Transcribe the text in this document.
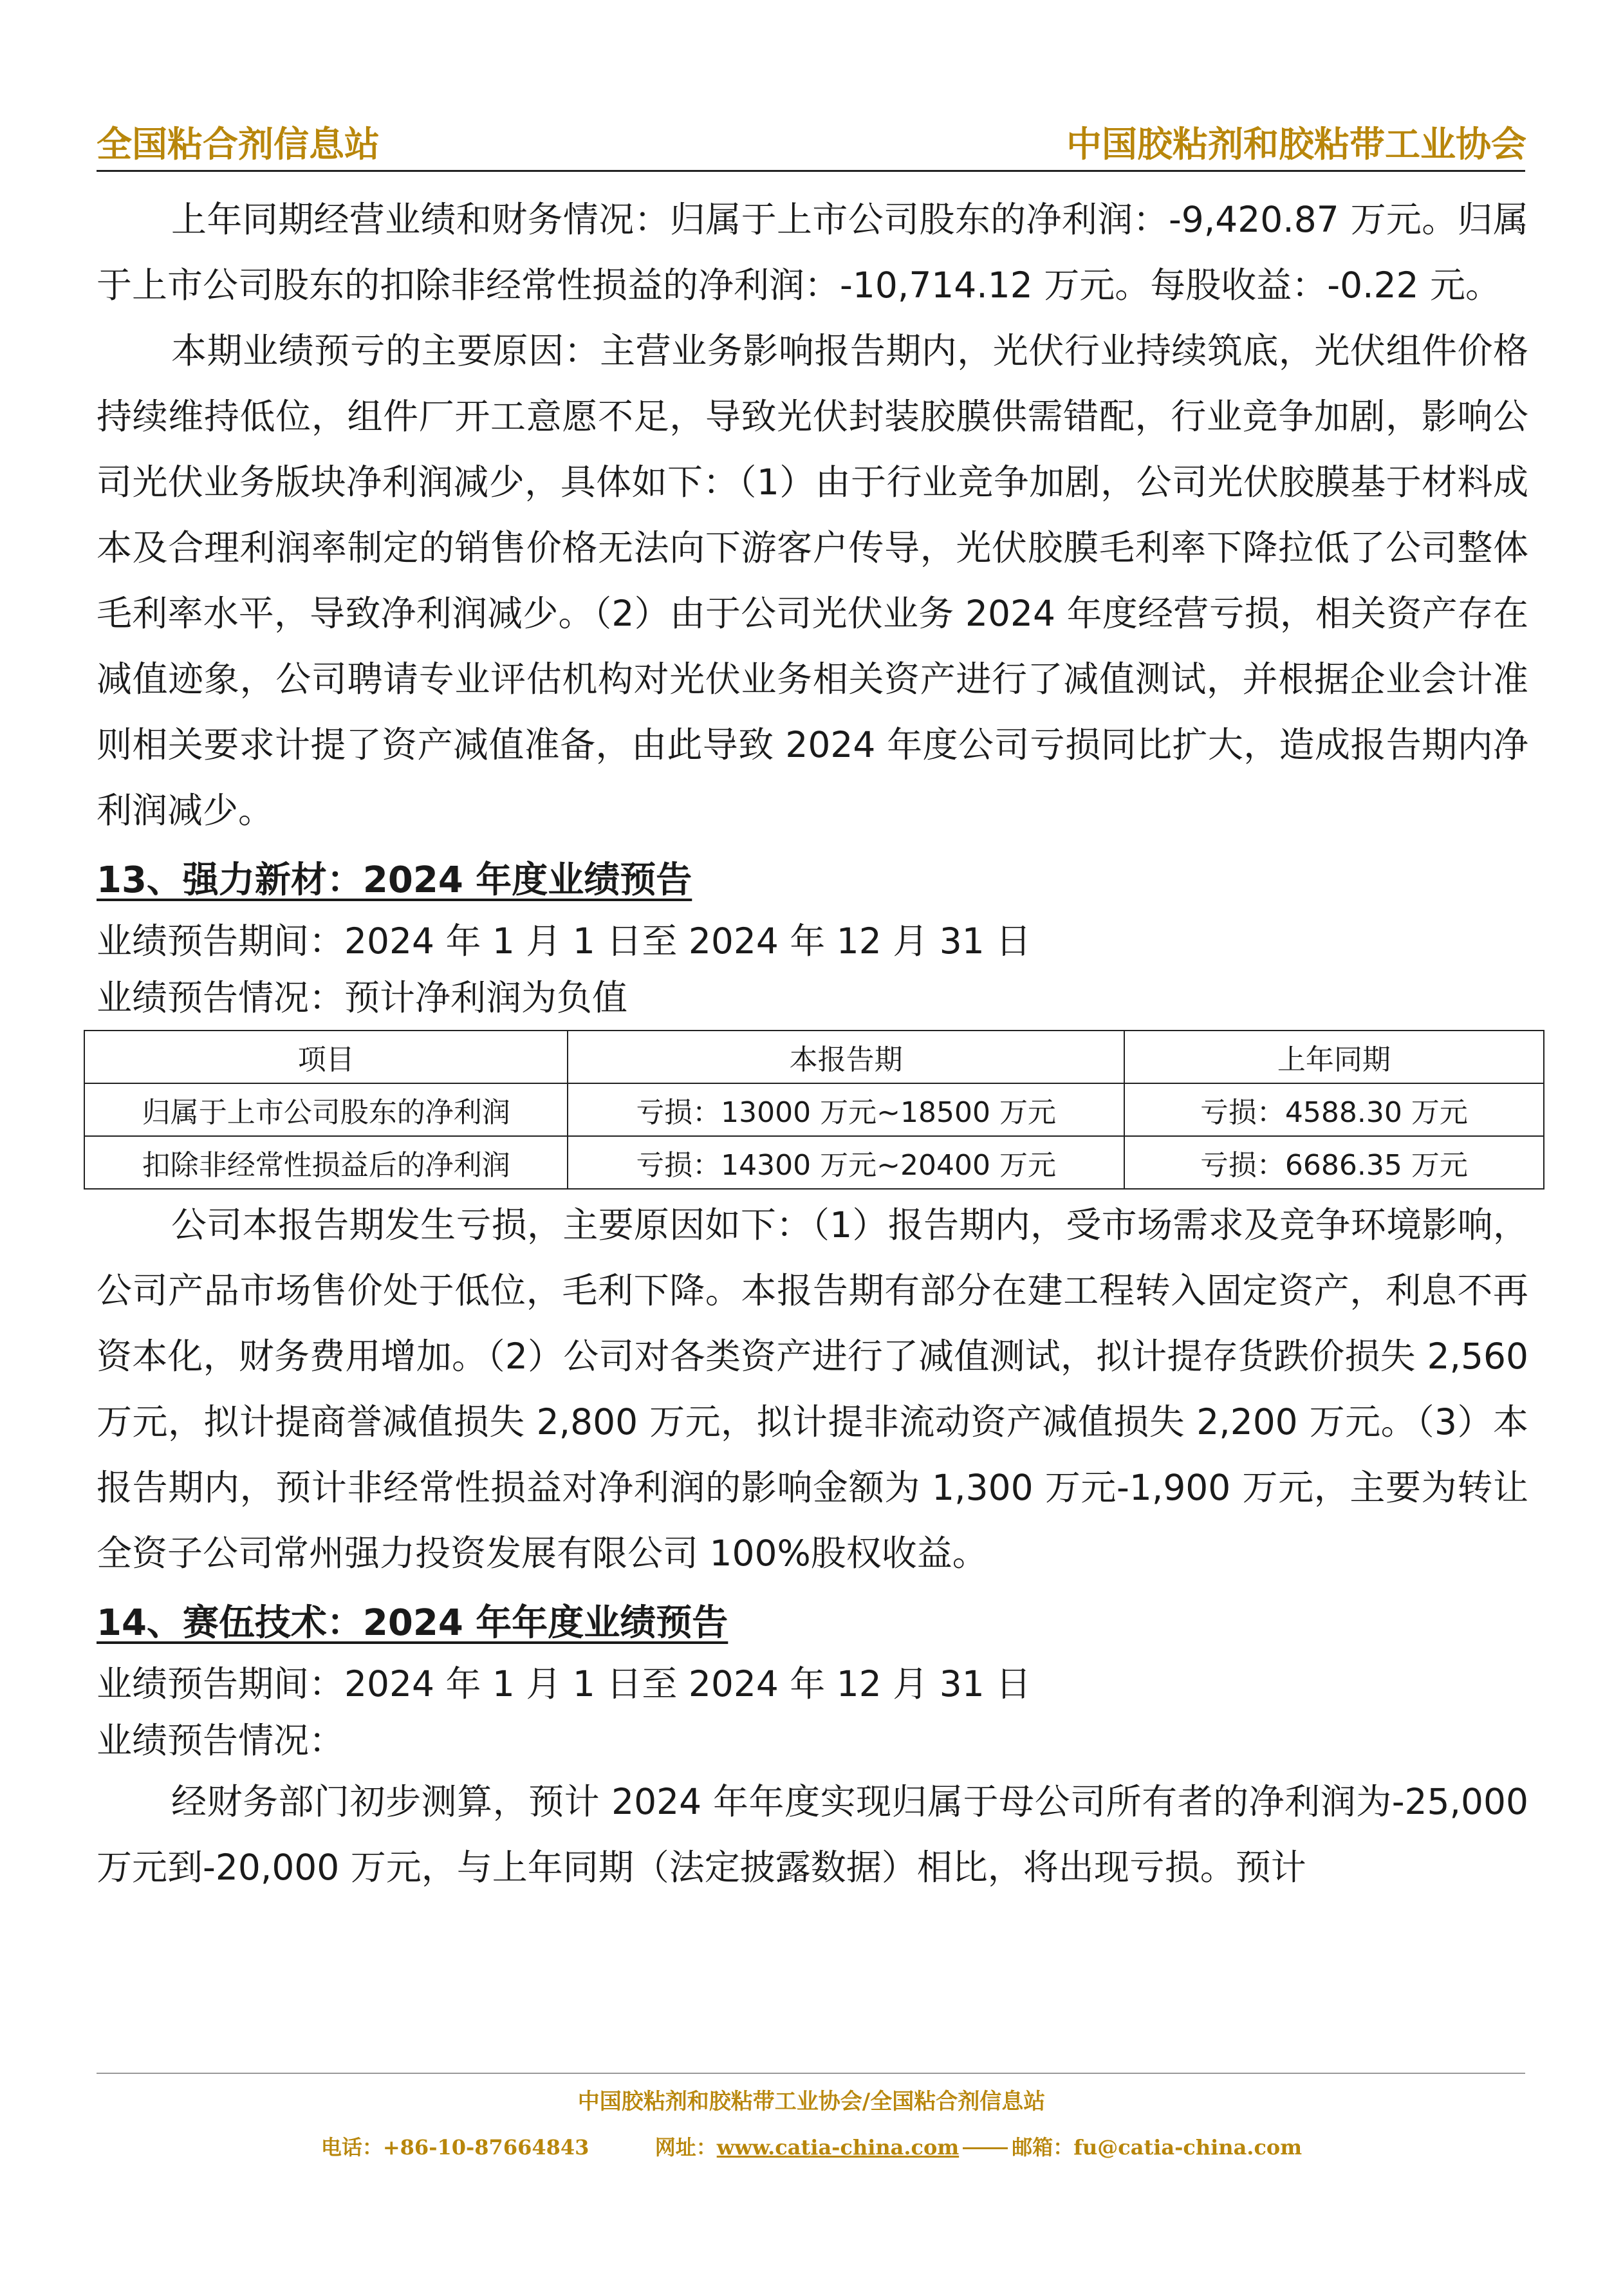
全国粘合剂信息站	中国胶粘剂和胶粘带工业协会

上年同期经营业绩和财务情况：归属于上市公司股东的净利润：-9,420.87 万元。归属于上市公司股东的扣除非经常性损益的净利润：-10,714.12 万元。每股收益：-0.22 元。

本期业绩预亏的主要原因：主营业务影响报告期内，光伏行业持续筑底，光伏组件价格持续维持低位，组件厂开工意愿不足，导致光伏封装胶膜供需错配，行业竞争加剧，影响公司光伏业务版块净利润减少，具体如下：（1）由于行业竞争加剧，公司光伏胶膜基于材料成本及合理利润率制定的销售价格无法向下游客户传导，光伏胶膜毛利率下降拉低了公司整体毛利率水平，导致净利润减少。（2）由于公司光伏业务 2024 年度经营亏损，相关资产存在减值迹象，公司聘请专业评估机构对光伏业务相关资产进行了减值测试，并根据企业会计准则相关要求计提了资产减值准备，由此导致 2024 年度公司亏损同比扩大，造成报告期内净利润减少。

13、强力新材：2024 年度业绩预告

业绩预告期间：2024 年 1 月 1 日至 2024 年 12 月 31 日

业绩预告情况：预计净利润为负值

项目	本报告期	上年同期
归属于上市公司股东的净利润	亏损：13000 万元~18500 万元	亏损：4588.30 万元
扣除非经常性损益后的净利润	亏损：14300 万元~20400 万元	亏损：6686.35 万元

公司本报告期发生亏损，主要原因如下：（1）报告期内，受市场需求及竞争环境影响，公司产品市场售价处于低位，毛利下降。本报告期有部分在建工程转入固定资产，利息不再资本化，财务费用增加。（2）公司对各类资产进行了减值测试，拟计提存货跌价损失 2,560 万元，拟计提商誉减值损失 2,800 万元，拟计提非流动资产减值损失 2,200 万元。（3）本报告期内，预计非经常性损益对净利润的影响金额为 1,300 万元-1,900 万元，主要为转让全资子公司常州强力投资发展有限公司 100%股权收益。

14、赛伍技术：2024 年年度业绩预告

业绩预告期间：2024 年 1 月 1 日至 2024 年 12 月 31 日

业绩预告情况：

经财务部门初步测算，预计 2024 年年度实现归属于母公司所有者的净利润为-25,000 万元到-20,000 万元，与上年同期（法定披露数据）相比，将出现亏损。预计

中国胶粘剂和胶粘带工业协会/全国粘合剂信息站
电话：+86-10-87664843	网址：www.catia-china.com	邮箱：fu@catia-china.com
